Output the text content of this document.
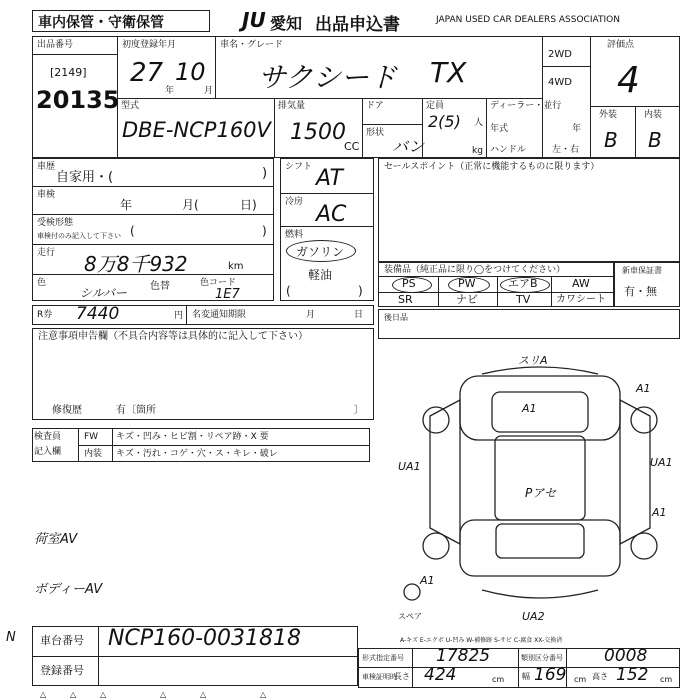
車内保管・守衛保管	JU 愛知 出品申込書	JAPAN USED CAR DEALERS ASSOCIATION
出品番号
[2149]
20135
初度登録年月
27
年
10
月
車名・グレード
サクシード TX
2WD
4WD
評価点
4
外装	内装
B B
型式
DBE-NCP160V
排気量
1500
CC
ドア
形状
バン
定員
2(5) 人
kg
ディーラー・並行
年式	年
ハンドル	左・右
車歴
自家用・(	)
車検
年	月(	日)
受検形態
車検付のみ記入して下さい (	)
走行 8万8千932	km
色
シルバー 色替	色コード
1E7
R券 7440	円 名変通知期限	月	日
シフト AT
冷房 AC
燃料
ガソリン
軽油
(	)
セールスポイント（正常に機能するものに限ります）
装備品（純正品に限り◯をつけてください）
PS	PW	エアB	AW
SR	ナビ	TV	カワシート
新車保証書
有・無
注意事項申告欄（不具合内容等は具体的に記入して下さい）
修復歴	有〔箇所	〕
後日品
検査員
記入欄
FW キズ・凹み・ヒビ割・リペア跡・X 要
内装 キズ・汚れ・コゲ・穴・ス・キレ・破レ
荷室AV
ボディーAV
スリA
A1
A1
UA1	UA1
Pアセ
A1
A1
UA2
スペア
A-キズ E-エクボ U-凹み W-補修跡 S-サビ C-腐食 XX-交換済
N 車台番号 NCP160-0031818
登録番号
形式指定番号 17825	類別区分番号 0008
車検証明時
長さ 424	cm 幅 169 cm 高さ 152 cm
△	△	△	△	△	△
